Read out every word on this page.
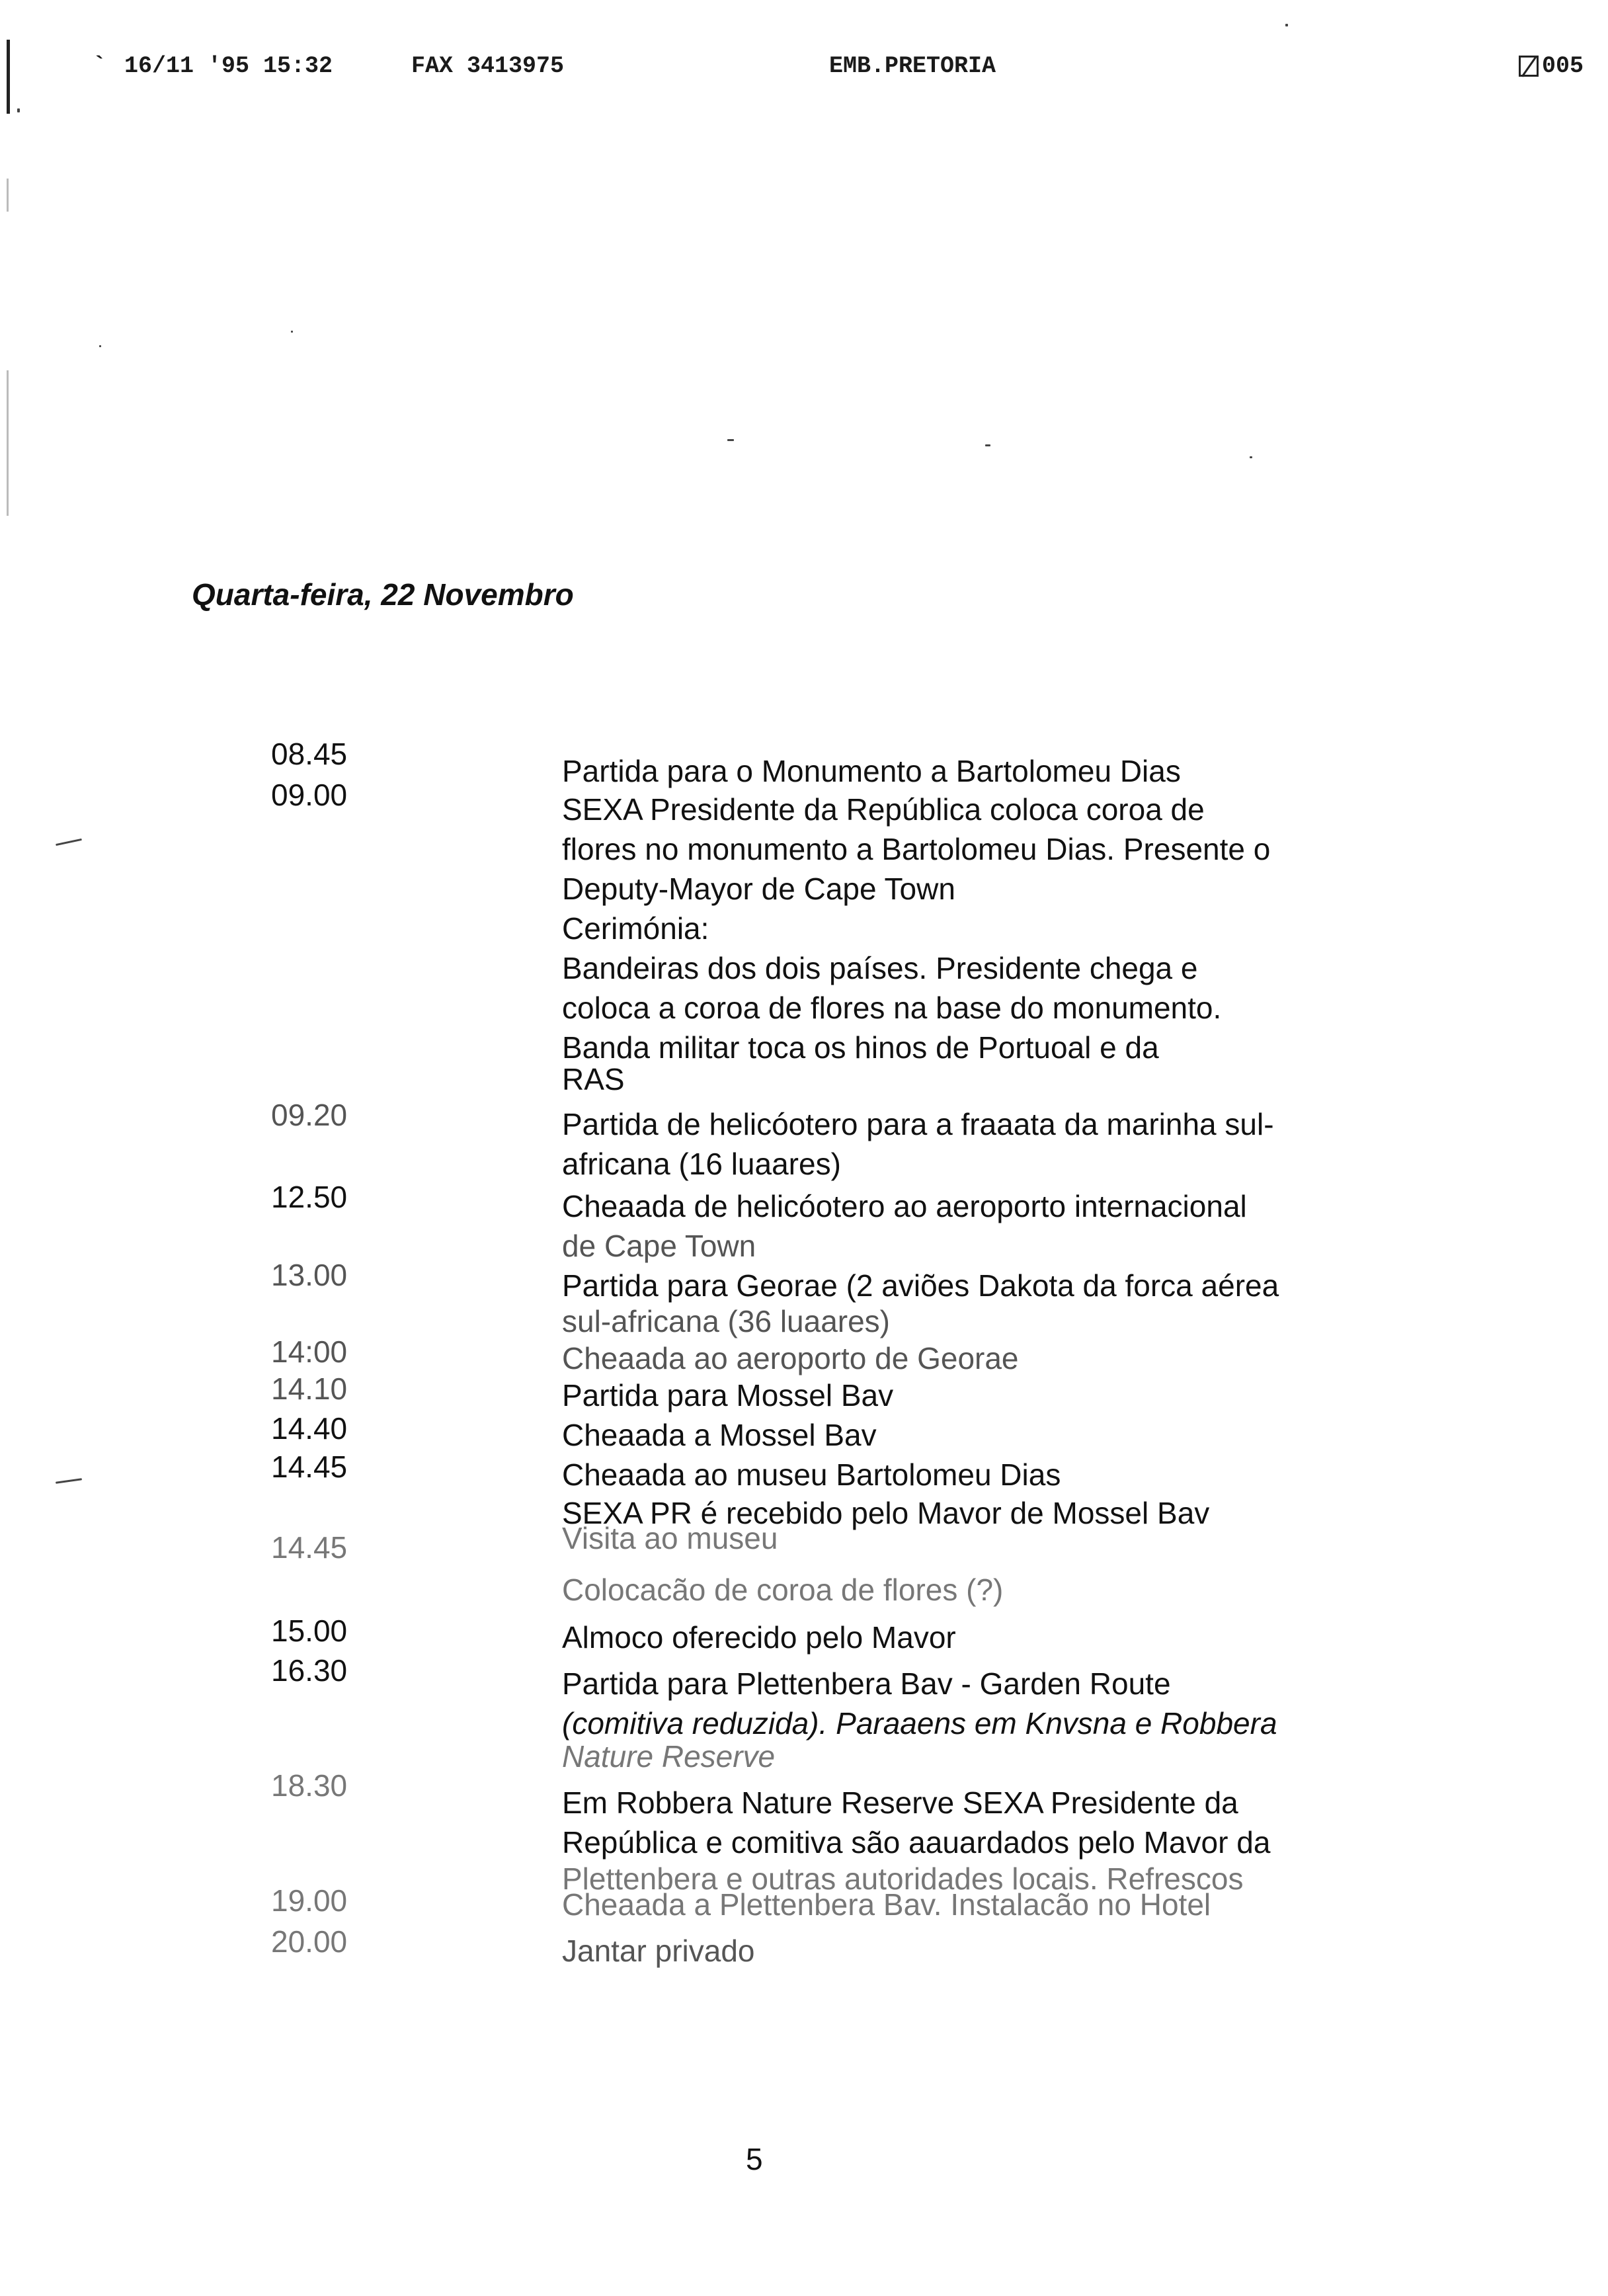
` 16/11 '95 15:32	FAX 3413975	EMB.PRETORIA	005
Quarta-feira, 22 Novembro
08.45	Partida para o Monumento a Bartolomeu Dias
09.00	SEXA Presidente da República coloca coroa de
flores no monumento a Bartolomeu Dias. Presente o
Deputy-Mayor de Cape Town
Cerimónia:
Bandeiras dos dois países. Presidente chega e
coloca a coroa de flores na base do monumento.
Banda militar toca os hinos de Portuoal e da
RAS
09.20	Partida de helicóotero para a fraaata da marinha sul-
africana (16 luaares)
12.50	Cheaada de helicóotero ao aeroporto internacional
de Cape Town
13.00	Partida para Georae (2 aviões Dakota da forca aérea
sul-africana (36 luaares)
14:00	Cheaada ao aeroporto de Georae
14.10	Partida para Mossel Bav
14.40	Cheaada a Mossel Bav
14.45	Cheaada ao museu Bartolomeu Dias
SEXA PR é recebido pelo Mavor de Mossel Bav
14.45	Visita ao museu
Colocacão de coroa de flores (?)
15.00	Almoco oferecido pelo Mavor
16.30	Partida para Plettenbera Bav - Garden Route
(comitiva reduzida). Paraaens em Knvsna e Robbera
Nature Reserve
18.30	Em Robbera Nature Reserve SEXA Presidente da
República e comitiva são aauardados pelo Mavor da
Plettenbera e outras autoridades locais. Refrescos
19.00	Cheaada a Plettenbera Bav. Instalacão no Hotel
20.00	Jantar privado
5
